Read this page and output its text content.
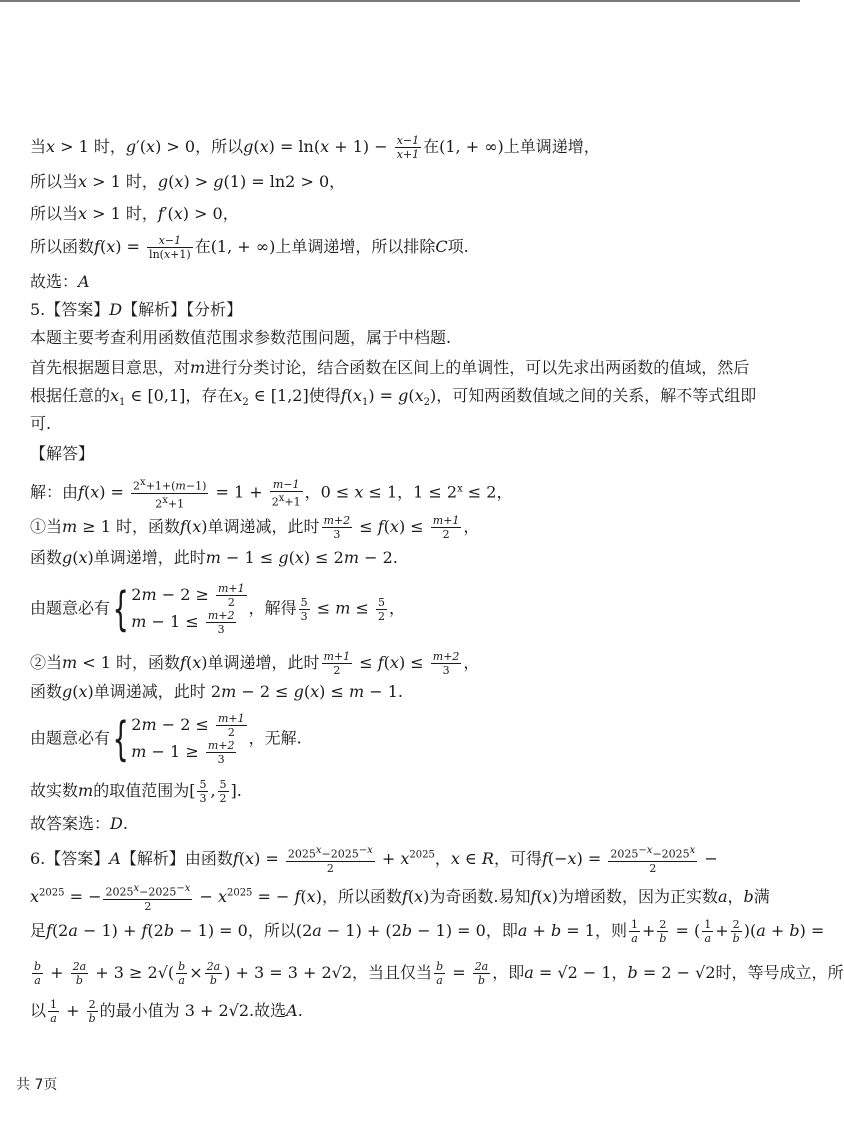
当x > 1 时，g′(x) > 0，所以$g(x) = \ln(x + 1) - \frac{x-1}{x+1}$ 在(1, + ∞)上单调递增，
所以当x > 1 时，g(x) > g(1) = ln2 > 0，
所以当x > 1 时，f′(x) > 0，
所以函数$f(x) = \frac{x-1}{\ln(x+1)}$ 在(1, + ∞)上单调递增，所以排除C项.
故选：A
5.【答案】D【解析】【分析】
本题主要考查利用函数值范围求参数范围问题，属于中档题.
首先根据题目意思，对m进行分类讨论，结合函数在区间上的单调性，可以先求出两函数的值域，然后
根据任意的$x_1$ ∈ [0,1]，存在$x_2$ ∈ [1,2]使得$f(x_1) = g(x_2)$，可知两函数值域之间的关系，解不等式组即
可.
【解答】
解：由$f(x) = \frac{2^x+1+(m-1)}{2^x+1} = 1 + \frac{m-1}{2^x+1}$ ，0 ≤ x ≤ 1，$1 \le 2^x \le 2$，
①当m ≥ 1 时，函数f(x)单调递减，此时 $\frac{m+2}{3} \le f(x) \le \frac{m+1}{2}$ ，
函数g(x)单调递增，此时m − 1 ≤ g(x) ≤ 2m − 2.
由题意必有{ $2m - 2 \ge \frac{m+1}{2}$
$m - 1 \le \frac{m+2}{3}$
，解得 $\frac{5}{3} \le m \le \frac{5}{2}$ ，
②当m < 1 时，函数f(x)单调递增，此时 $\frac{m+1}{2} \le f(x) \le \frac{m+2}{3}$ ，
函数g(x)单调递减，此时 2m − 2 ≤ g(x) ≤ m − 1.
由题意必有{ $2m - 2 \le \frac{m+1}{2}$
$m - 1 \ge \frac{m+2}{3}$
，无解.
故实数m的取值范围为[ $\frac{5}{3}$ , $\frac{5}{2}$ ].
故答案选：D.
6.【答案】A【解析】由函数$f(x) = \frac{2025^x-2025^{-x}}{2} + x^{2025}$，x ∈ R，可得$f(-x) = \frac{2025^{-x}-2025^x}{2}$ −
$x^{2025}$ = − $\frac{2025^x-2025^{-x}}{2} - x^{2025}$ = − f(x)，所以函数f(x)为奇函数.易知f(x)为增函数，因为正实数a，b满
足f(2a − 1) + f(2b − 1) = 0，所以(2a − 1) + (2b − 1) = 0，即a + b = 1，则 $\frac{1}{a} + \frac{2}{b}$ = ( $\frac{1}{a} + \frac{2}{b} )(a + b)$ =
$\frac{b}{a} + \frac{2a}{b} + 3 \ge 2√( \frac{b}{a} \times \frac{2a}{b}$ ) + 3 = 3 + 2√2，当且仅当 $\frac{b}{a} = \frac{2a}{b}$ ，即a = √2 − 1，b = 2 − √2时，等号成立，所
以 $\frac{1}{a} + \frac{2}{b}$ 的最小值为 3 + 2√2.故选A.
共 7页
